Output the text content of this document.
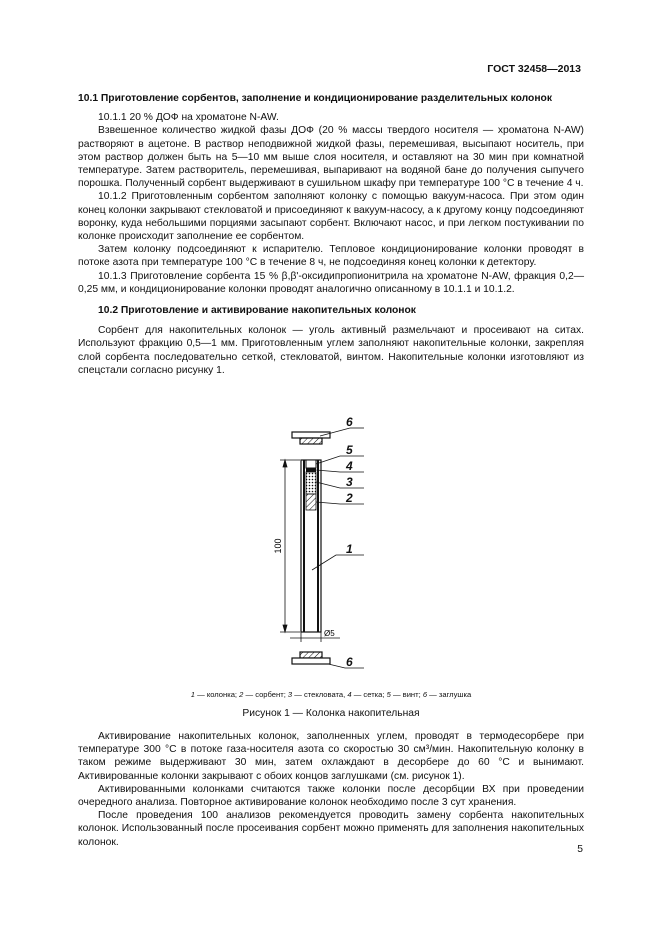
ГОСТ 32458—2013

10.1 Приготовление сорбентов, заполнение и кондиционирование разделительных колонок

10.1.1 20 % ДОФ на хроматоне N-AW.

Взвешенное количество жидкой фазы ДОФ (20 % массы твердого носителя — хроматона N-AW) растворяют в ацетоне. В раствор неподвижной жидкой фазы, перемешивая, высыпают носитель, при этом раствор должен быть на 5—10 мм выше слоя носителя, и оставляют на 30 мин при комнатной температуре. Затем растворитель, перемешивая, выпаривают на водяной бане до получения сыпучего порошка. Полученный сорбент выдерживают в сушильном шкафу при температуре 100 °С в течение 4 ч.

10.1.2 Приготовленным сорбентом заполняют колонку с помощью вакуум-насоса. При этом один конец колонки закрывают стекловатой и присоединяют к вакуум-насосу, а к другому концу подсоединяют воронку, куда небольшими порциями засыпают сорбент. Включают насос, и при легком постукивании по колонке происходит заполнение ее сорбентом.

Затем колонку подсоединяют к испарителю. Тепловое кондиционирование колонки проводят в потоке азота при температуре 100 °С в течение 8 ч, не подсоединяя конец колонки к детектору.

10.1.3 Приготовление сорбента 15 % β,β'-оксидипропионитрила на хроматоне N-AW, фракция 0,2—0,25 мм, и кондиционирование колонки проводят аналогично описанному в 10.1.1 и 10.1.2.

10.2 Приготовление и активирование накопительных колонок

Сорбент для накопительных колонок — уголь активный размельчают и просеивают на ситах. Используют фракцию 0,5—1 мм. Приготовленным углем заполняют накопительные колонки, закрепляя слой сорбента последовательно сеткой, стекловатой, винтом. Накопительные колонки изготовляют из спецстали согласно рисунку 1.

100
Ø5
6
5
4
3
2
1
6
1 — колонка; 2 — сорбент; 3 — стекловата, 4 — сетка; 5 — винт; 6 — заглушка
Рисунок 1 — Колонка накопительная

Активирование накопительных колонок, заполненных углем, проводят в термодесорбере при температуре 300 °С в потоке газа-носителя азота со скоростью 30 см³/мин. Накопительную колонку в таком режиме выдерживают 30 мин, затем охлаждают в десорбере до 60 °С и вынимают. Активированные колонки закрывают с обоих концов заглушками (см. рисунок 1).

Активированными колонками считаются также колонки после десорбции ВХ при проведении очередного анализа. Повторное активирование колонок необходимо после 3 сут хранения.

После проведения 100 анализов рекомендуется проводить замену сорбента накопительных колонок. Использованный после просеивания сорбент можно применять для заполнения накопительных колонок.

5
